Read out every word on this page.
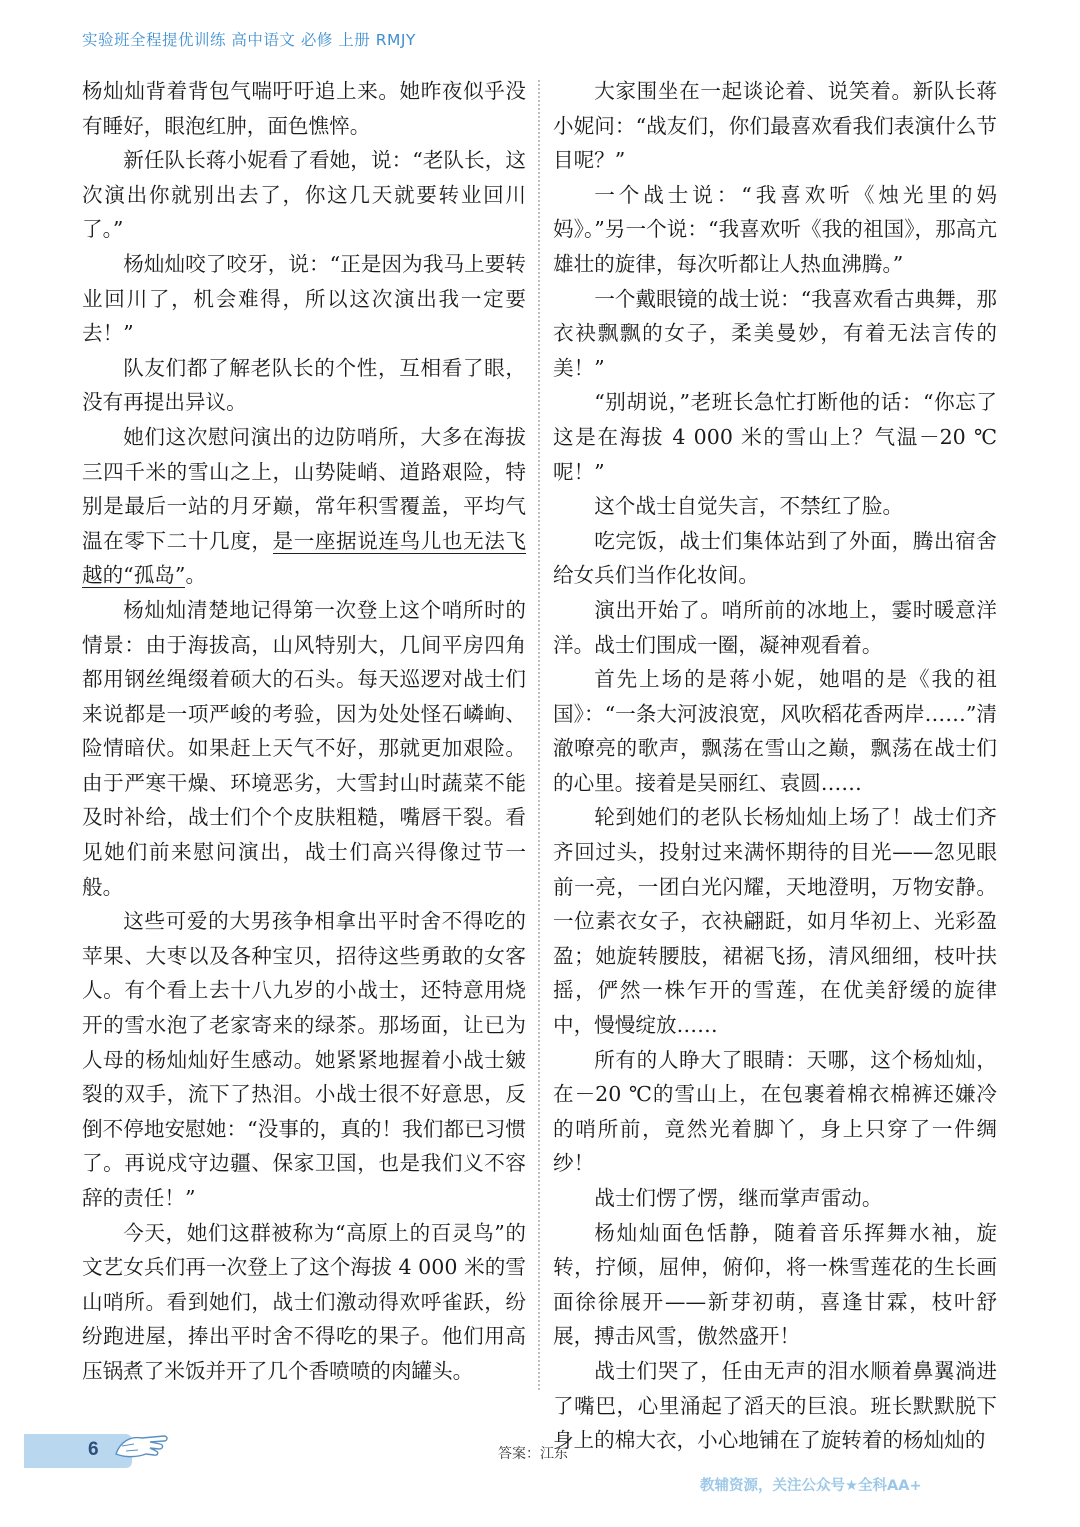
实验班全程提优训练 高中语文 必修 上册 RMJY

杨灿灿背着背包气喘吁吁追上来。她昨夜似乎没有睡好，眼泡红肿，面色憔悴。

新任队长蒋小妮看了看她，说：“老队长，这次演出你就别出去了，你这几天就要转业回川了。”

杨灿灿咬了咬牙，说：“正是因为我马上要转业回川了，机会难得，所以这次演出我一定要去！”

队友们都了解老队长的个性，互相看了眼，没有再提出异议。

她们这次慰问演出的边防哨所，大多在海拔三四千米的雪山之上，山势陡峭、道路艰险，特别是最后一站的月牙巅，常年积雪覆盖，平均气温在零下二十几度，是一座据说连鸟儿也无法飞越的“孤岛”。

杨灿灿清楚地记得第一次登上这个哨所时的情景：由于海拔高，山风特别大，几间平房四角都用钢丝绳缀着硕大的石头。每天巡逻对战士们来说都是一项严峻的考验，因为处处怪石嶙峋、险情暗伏。如果赶上天气不好，那就更加艰险。由于严寒干燥、环境恶劣，大雪封山时蔬菜不能及时补给，战士们个个皮肤粗糙，嘴唇干裂。看见她们前来慰问演出，战士们高兴得像过节一般。

这些可爱的大男孩争相拿出平时舍不得吃的苹果、大枣以及各种宝贝，招待这些勇敢的女客人。有个看上去十八九岁的小战士，还特意用烧开的雪水泡了老家寄来的绿茶。那场面，让已为人母的杨灿灿好生感动。她紧紧地握着小战士皴裂的双手，流下了热泪。小战士很不好意思，反倒不停地安慰她：“没事的，真的！我们都已习惯了。再说戍守边疆、保家卫国，也是我们义不容辞的责任！”

今天，她们这群被称为“高原上的百灵鸟”的文艺女兵们再一次登上了这个海拔 4 000 米的雪山哨所。看到她们，战士们激动得欢呼雀跃，纷纷跑进屋，捧出平时舍不得吃的果子。他们用高压锅煮了米饭并开了几个香喷喷的肉罐头。

大家围坐在一起谈论着、说笑着。新队长蒋小妮问：“战友们，你们最喜欢看我们表演什么节目呢？”

一个战士说：“我喜欢听《烛光里的妈妈》。”另一个说：“我喜欢听《我的祖国》，那高亢雄壮的旋律，每次听都让人热血沸腾。”

一个戴眼镜的战士说：“我喜欢看古典舞，那衣袂飘飘的女子，柔美曼妙，有着无法言传的美！”

“别胡说，”老班长急忙打断他的话：“你忘了这是在海拔 4 000 米的雪山上？气温－20 ℃呢！”

这个战士自觉失言，不禁红了脸。

吃完饭，战士们集体站到了外面，腾出宿舍给女兵们当作化妆间。

演出开始了。哨所前的冰地上，霎时暖意洋洋。战士们围成一圈，凝神观看着。

首先上场的是蒋小妮，她唱的是《我的祖国》：“一条大河波浪宽，风吹稻花香两岸……”清澈嘹亮的歌声，飘荡在雪山之巅，飘荡在战士们的心里。接着是吴丽红、袁圆……

轮到她们的老队长杨灿灿上场了！战士们齐齐回过头，投射过来满怀期待的目光——忽见眼前一亮，一团白光闪耀，天地澄明，万物安静。一位素衣女子，衣袂翩跹，如月华初上、光彩盈盈；她旋转腰肢，裙裾飞扬，清风细细，枝叶扶摇，俨然一株乍开的雪莲，在优美舒缓的旋律中，慢慢绽放……

所有的人睁大了眼睛：天哪，这个杨灿灿，在－20 ℃的雪山上，在包裹着棉衣棉裤还嫌冷的哨所前，竟然光着脚丫，身上只穿了一件绸纱！

战士们愣了愣，继而掌声雷动。

杨灿灿面色恬静，随着音乐挥舞水袖，旋转，拧倾，屈伸，俯仰，将一株雪莲花的生长画面徐徐展开——新芽初萌，喜逢甘霖，枝叶舒展，搏击风雪，傲然盛开！

战士们哭了，任由无声的泪水顺着鼻翼淌进了嘴巴，心里涌起了滔天的巨浪。班长默默脱下身上的棉大衣，小心地铺在了旋转着的杨灿灿的

6	答案：江东
教辅资源，关注公众号★全科AA+
